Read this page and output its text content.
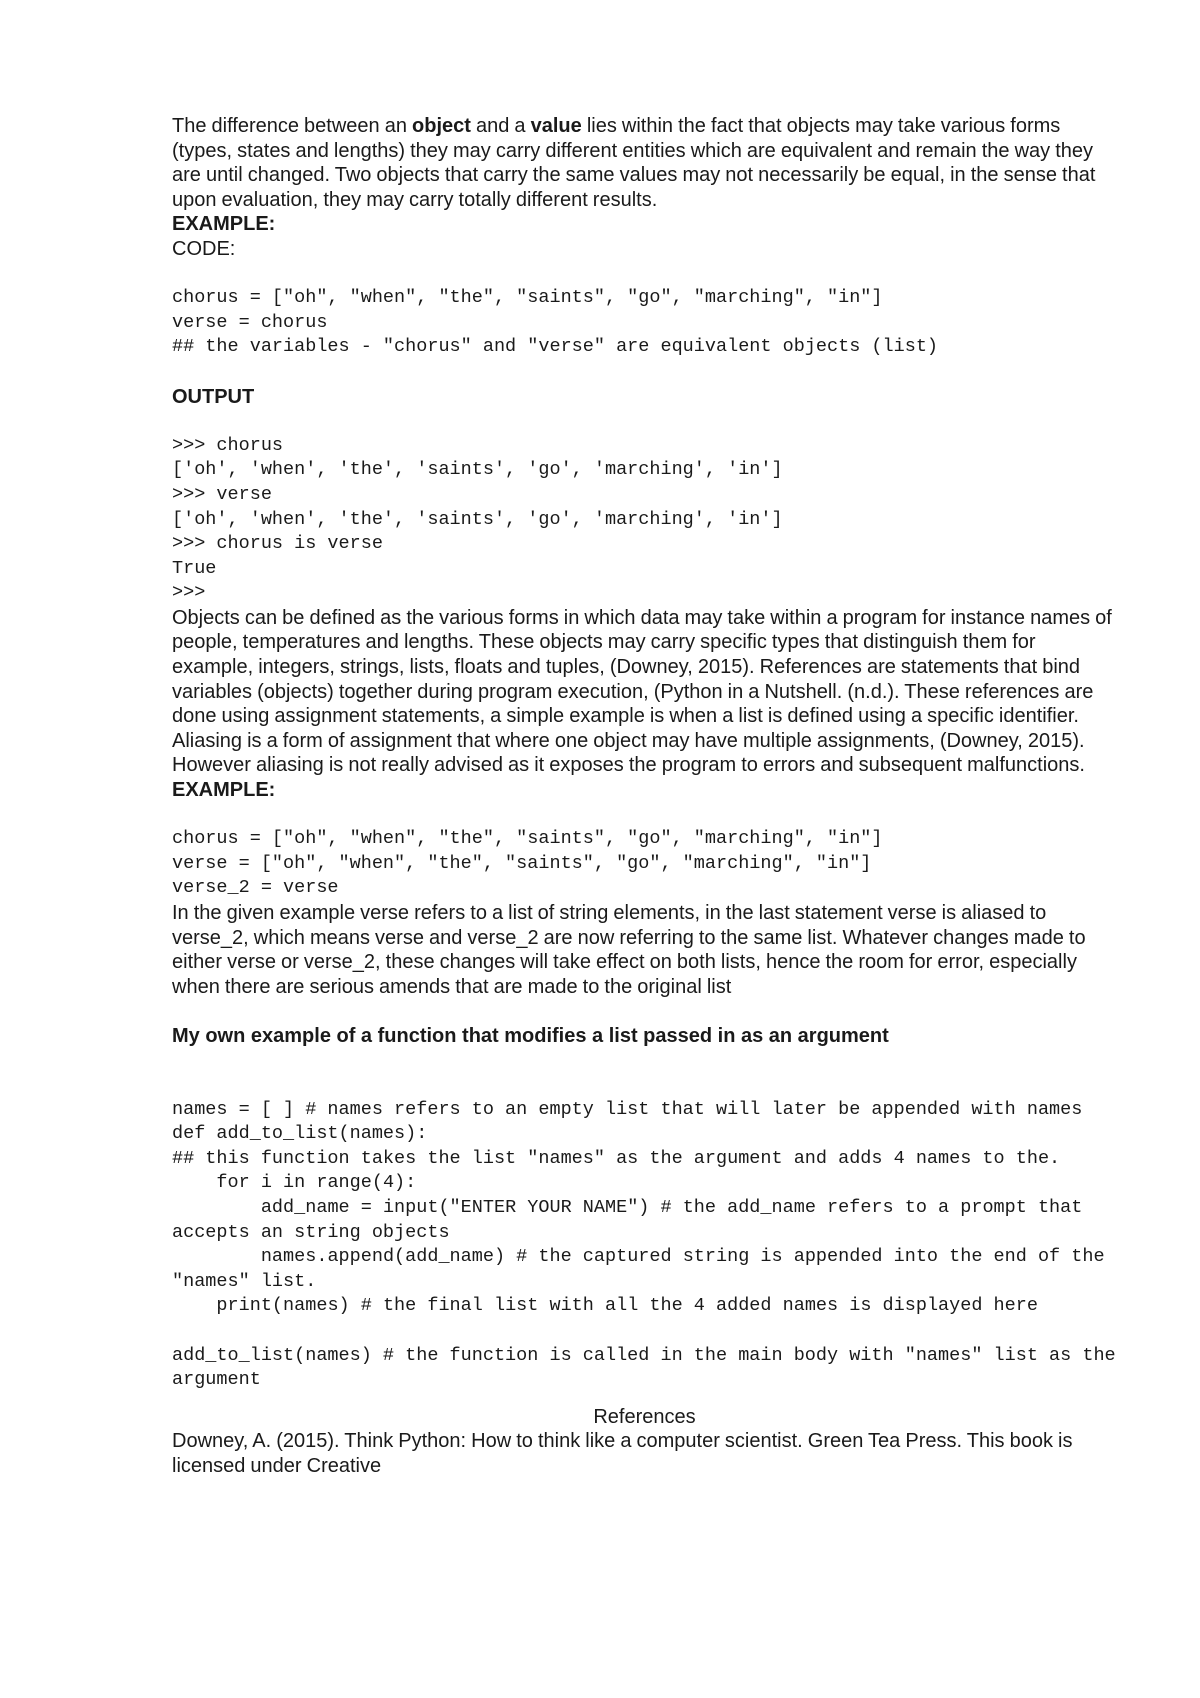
The difference between an object and a value lies within the fact that objects may take various forms (types, states and lengths) they may carry different entities which are equivalent and remain the way they are until changed. Two objects that carry the same values may not necessarily be equal, in the sense that upon evaluation, they may carry totally different results.

EXAMPLE:

CODE:

chorus = ["oh", "when", "the", "saints", "go", "marching", "in"]
verse = chorus
## the variables - "chorus" and "verse" are equivalent objects (list)

OUTPUT

>>> chorus
['oh', 'when', 'the', 'saints', 'go', 'marching', 'in']
>>> verse
['oh', 'when', 'the', 'saints', 'go', 'marching', 'in']
>>> chorus is verse
True
>>>

Objects can be defined as the various forms in which data may take within a program for instance names of people, temperatures and lengths. These objects may carry specific types that distinguish them for example, integers, strings, lists, floats and tuples, (Downey, 2015). References are statements that bind variables (objects) together during program execution, (Python in a Nutshell. (n.d.). These references are done using assignment statements, a simple example is when a list is defined using a specific identifier. Aliasing is a form of assignment that where one object may have multiple assignments, (Downey, 2015). However aliasing is not really advised as it exposes the program to errors and subsequent malfunctions.

EXAMPLE:

chorus = ["oh", "when", "the", "saints", "go", "marching", "in"]
verse = ["oh", "when", "the", "saints", "go", "marching", "in"]
verse_2 = verse

In the given example verse refers to a list of string elements, in the last statement verse is aliased to verse_2, which means verse and verse_2 are now referring to the same list. Whatever changes made to either verse or verse_2, these changes will take effect on both lists, hence the room for error, especially when there are serious amends that are made to the original list

My own example of a function that modifies a list passed in as an argument

names = [ ] # names refers to an empty list that will later be appended with names
def add_to_list(names):
## this function takes the list "names" as the argument and adds 4 names to the.
for i in range(4):
add_name = input("ENTER YOUR NAME") # the add_name refers to a prompt that accepts an string objects
names.append(add_name) # the captured string is appended into the end of the "names" list.
print(names) # the final list with all the 4 added names is displayed here
add_to_list(names) # the function is called in the main body with "names" list as the argument

References

Downey, A. (2015). Think Python: How to think like a computer scientist. Green Tea Press. This book is licensed under Creative
